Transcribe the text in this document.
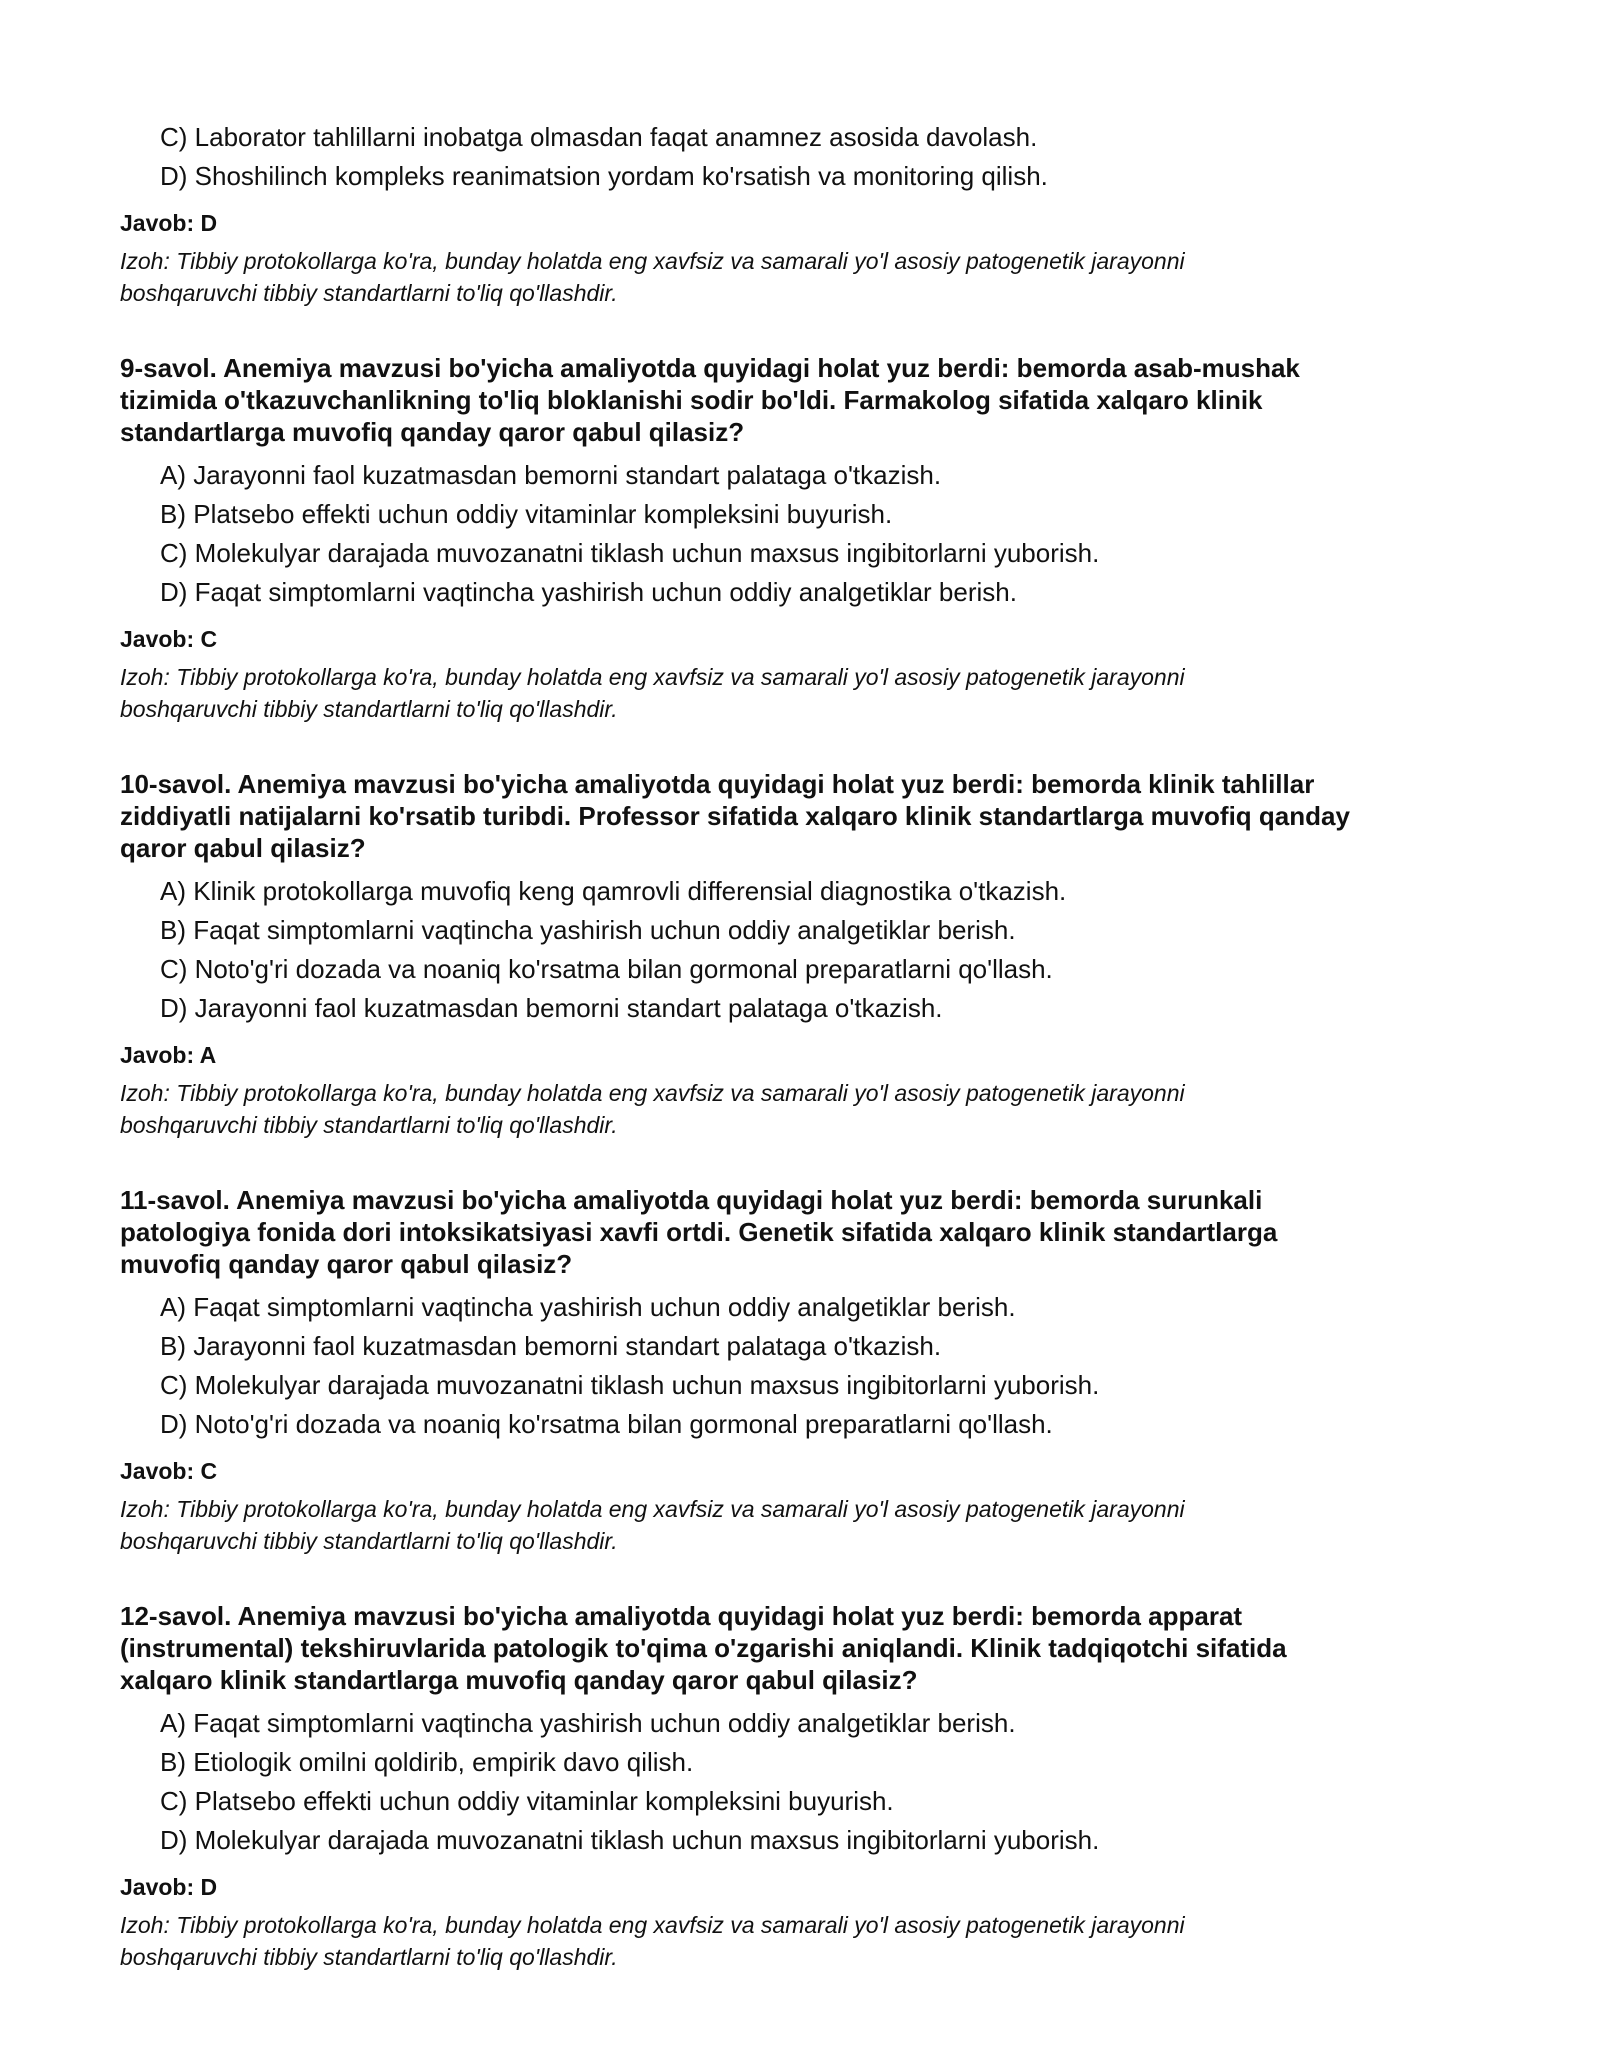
C) Laborator tahlillarni inobatga olmasdan faqat anamnez asosida davolash.

D) Shoshilinch kompleks reanimatsion yordam ko'rsatish va monitoring qilish.

Javob: D

Izoh: Tibbiy protokollarga ko'ra, bunday holatda eng xavfsiz va samarali yo'l asosiy patogenetik jarayonni

boshqaruvchi tibbiy standartlarni to'liq qo'llashdir.

9-savol. Anemiya mavzusi bo'yicha amaliyotda quyidagi holat yuz berdi: bemorda asab-mushak
tizimida o'tkazuvchanlikning to'liq bloklanishi sodir bo'ldi. Farmakolog sifatida xalqaro klinik
standartlarga muvofiq qanday qaror qabul qilasiz?

A) Jarayonni faol kuzatmasdan bemorni standart palataga o'tkazish.

B) Platsebo effekti uchun oddiy vitaminlar kompleksini buyurish.

C) Molekulyar darajada muvozanatni tiklash uchun maxsus ingibitorlarni yuborish.

D) Faqat simptomlarni vaqtincha yashirish uchun oddiy analgetiklar berish.

Javob: C

Izoh: Tibbiy protokollarga ko'ra, bunday holatda eng xavfsiz va samarali yo'l asosiy patogenetik jarayonni

boshqaruvchi tibbiy standartlarni to'liq qo'llashdir.

10-savol. Anemiya mavzusi bo'yicha amaliyotda quyidagi holat yuz berdi: bemorda klinik tahlillar
ziddiyatli natijalarni ko'rsatib turibdi. Professor sifatida xalqaro klinik standartlarga muvofiq qanday
qaror qabul qilasiz?

A) Klinik protokollarga muvofiq keng qamrovli differensial diagnostika o'tkazish.

B) Faqat simptomlarni vaqtincha yashirish uchun oddiy analgetiklar berish.

C) Noto'g'ri dozada va noaniq ko'rsatma bilan gormonal preparatlarni qo'llash.

D) Jarayonni faol kuzatmasdan bemorni standart palataga o'tkazish.

Javob: A

Izoh: Tibbiy protokollarga ko'ra, bunday holatda eng xavfsiz va samarali yo'l asosiy patogenetik jarayonni

boshqaruvchi tibbiy standartlarni to'liq qo'llashdir.

11-savol. Anemiya mavzusi bo'yicha amaliyotda quyidagi holat yuz berdi: bemorda surunkali
patologiya fonida dori intoksikatsiyasi xavfi ortdi. Genetik sifatida xalqaro klinik standartlarga
muvofiq qanday qaror qabul qilasiz?

A) Faqat simptomlarni vaqtincha yashirish uchun oddiy analgetiklar berish.

B) Jarayonni faol kuzatmasdan bemorni standart palataga o'tkazish.

C) Molekulyar darajada muvozanatni tiklash uchun maxsus ingibitorlarni yuborish.

D) Noto'g'ri dozada va noaniq ko'rsatma bilan gormonal preparatlarni qo'llash.

Javob: C

Izoh: Tibbiy protokollarga ko'ra, bunday holatda eng xavfsiz va samarali yo'l asosiy patogenetik jarayonni

boshqaruvchi tibbiy standartlarni to'liq qo'llashdir.

12-savol. Anemiya mavzusi bo'yicha amaliyotda quyidagi holat yuz berdi: bemorda apparat
(instrumental) tekshiruvlarida patologik to'qima o'zgarishi aniqlandi. Klinik tadqiqotchi sifatida
xalqaro klinik standartlarga muvofiq qanday qaror qabul qilasiz?

A) Faqat simptomlarni vaqtincha yashirish uchun oddiy analgetiklar berish.

B) Etiologik omilni qoldirib, empirik davo qilish.

C) Platsebo effekti uchun oddiy vitaminlar kompleksini buyurish.

D) Molekulyar darajada muvozanatni tiklash uchun maxsus ingibitorlarni yuborish.

Javob: D

Izoh: Tibbiy protokollarga ko'ra, bunday holatda eng xavfsiz va samarali yo'l asosiy patogenetik jarayonni

boshqaruvchi tibbiy standartlarni to'liq qo'llashdir.
